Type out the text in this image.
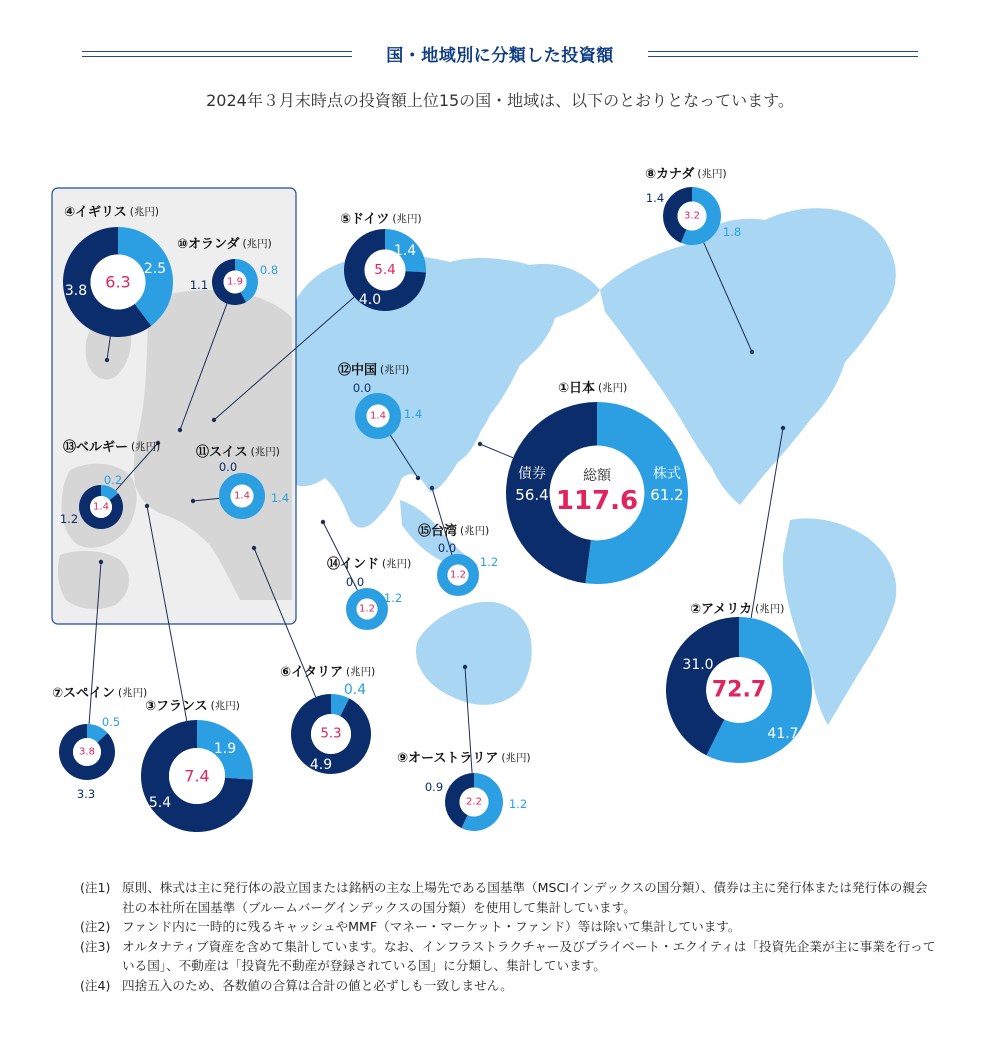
総額
117.6
債券
56.4
株式
61.2
①日本 (兆円)
72.7
31.0
41.7
②アメリカ (兆円)
7.4
5.4
1.9
③フランス (兆円)
6.3
3.8
2.5
④イギリス (兆円)
5.4
4.0
1.4
⑤ドイツ (兆円)
5.3
4.9
0.4
⑥イタリア (兆円)
3.8
3.3
0.5
⑦スペイン (兆円)
3.2
1.4
1.8
⑧カナダ (兆円)
2.2
0.9
1.2
⑨オーストラリア (兆円)
1.9
1.1
0.8
⑩オランダ (兆円)
1.4
0.0
1.4
⑪スイス (兆円)
1.4
0.0
1.4
⑫中国 (兆円)
1.4
1.2
0.2
⑬ベルギー (兆円)
1.2
0.0
1.2
⑭インド (兆円)
1.2
0.0
1.2
⑮台湾 (兆円)
国・地域別に分類した投資額
2024年３月末時点の投資額上位15の国・地域は、以下のとおりとなっています。
(注1) 原則、株式は主に発行体の設立国または銘柄の主な上場先である国基準（MSCIインデックスの国分類）、債券は主に発行体または発行体の親会社の本社所在国基準（ブルームバーグインデックスの国分類）を使用して集計しています。
(注2) ファンド内に一時的に残るキャッシュやMMF（マネー・マーケット・ファンド）等は除いて集計しています。
(注3) オルタナティブ資産を含めて集計しています。なお、インフラストラクチャー及びプライベート・エクイティは「投資先企業が主に事業を行っている国」、不動産は「投資先不動産が登録されている国」に分類し、集計しています。
(注4) 四捨五入のため、各数値の合算は合計の値と必ずしも一致しません。
